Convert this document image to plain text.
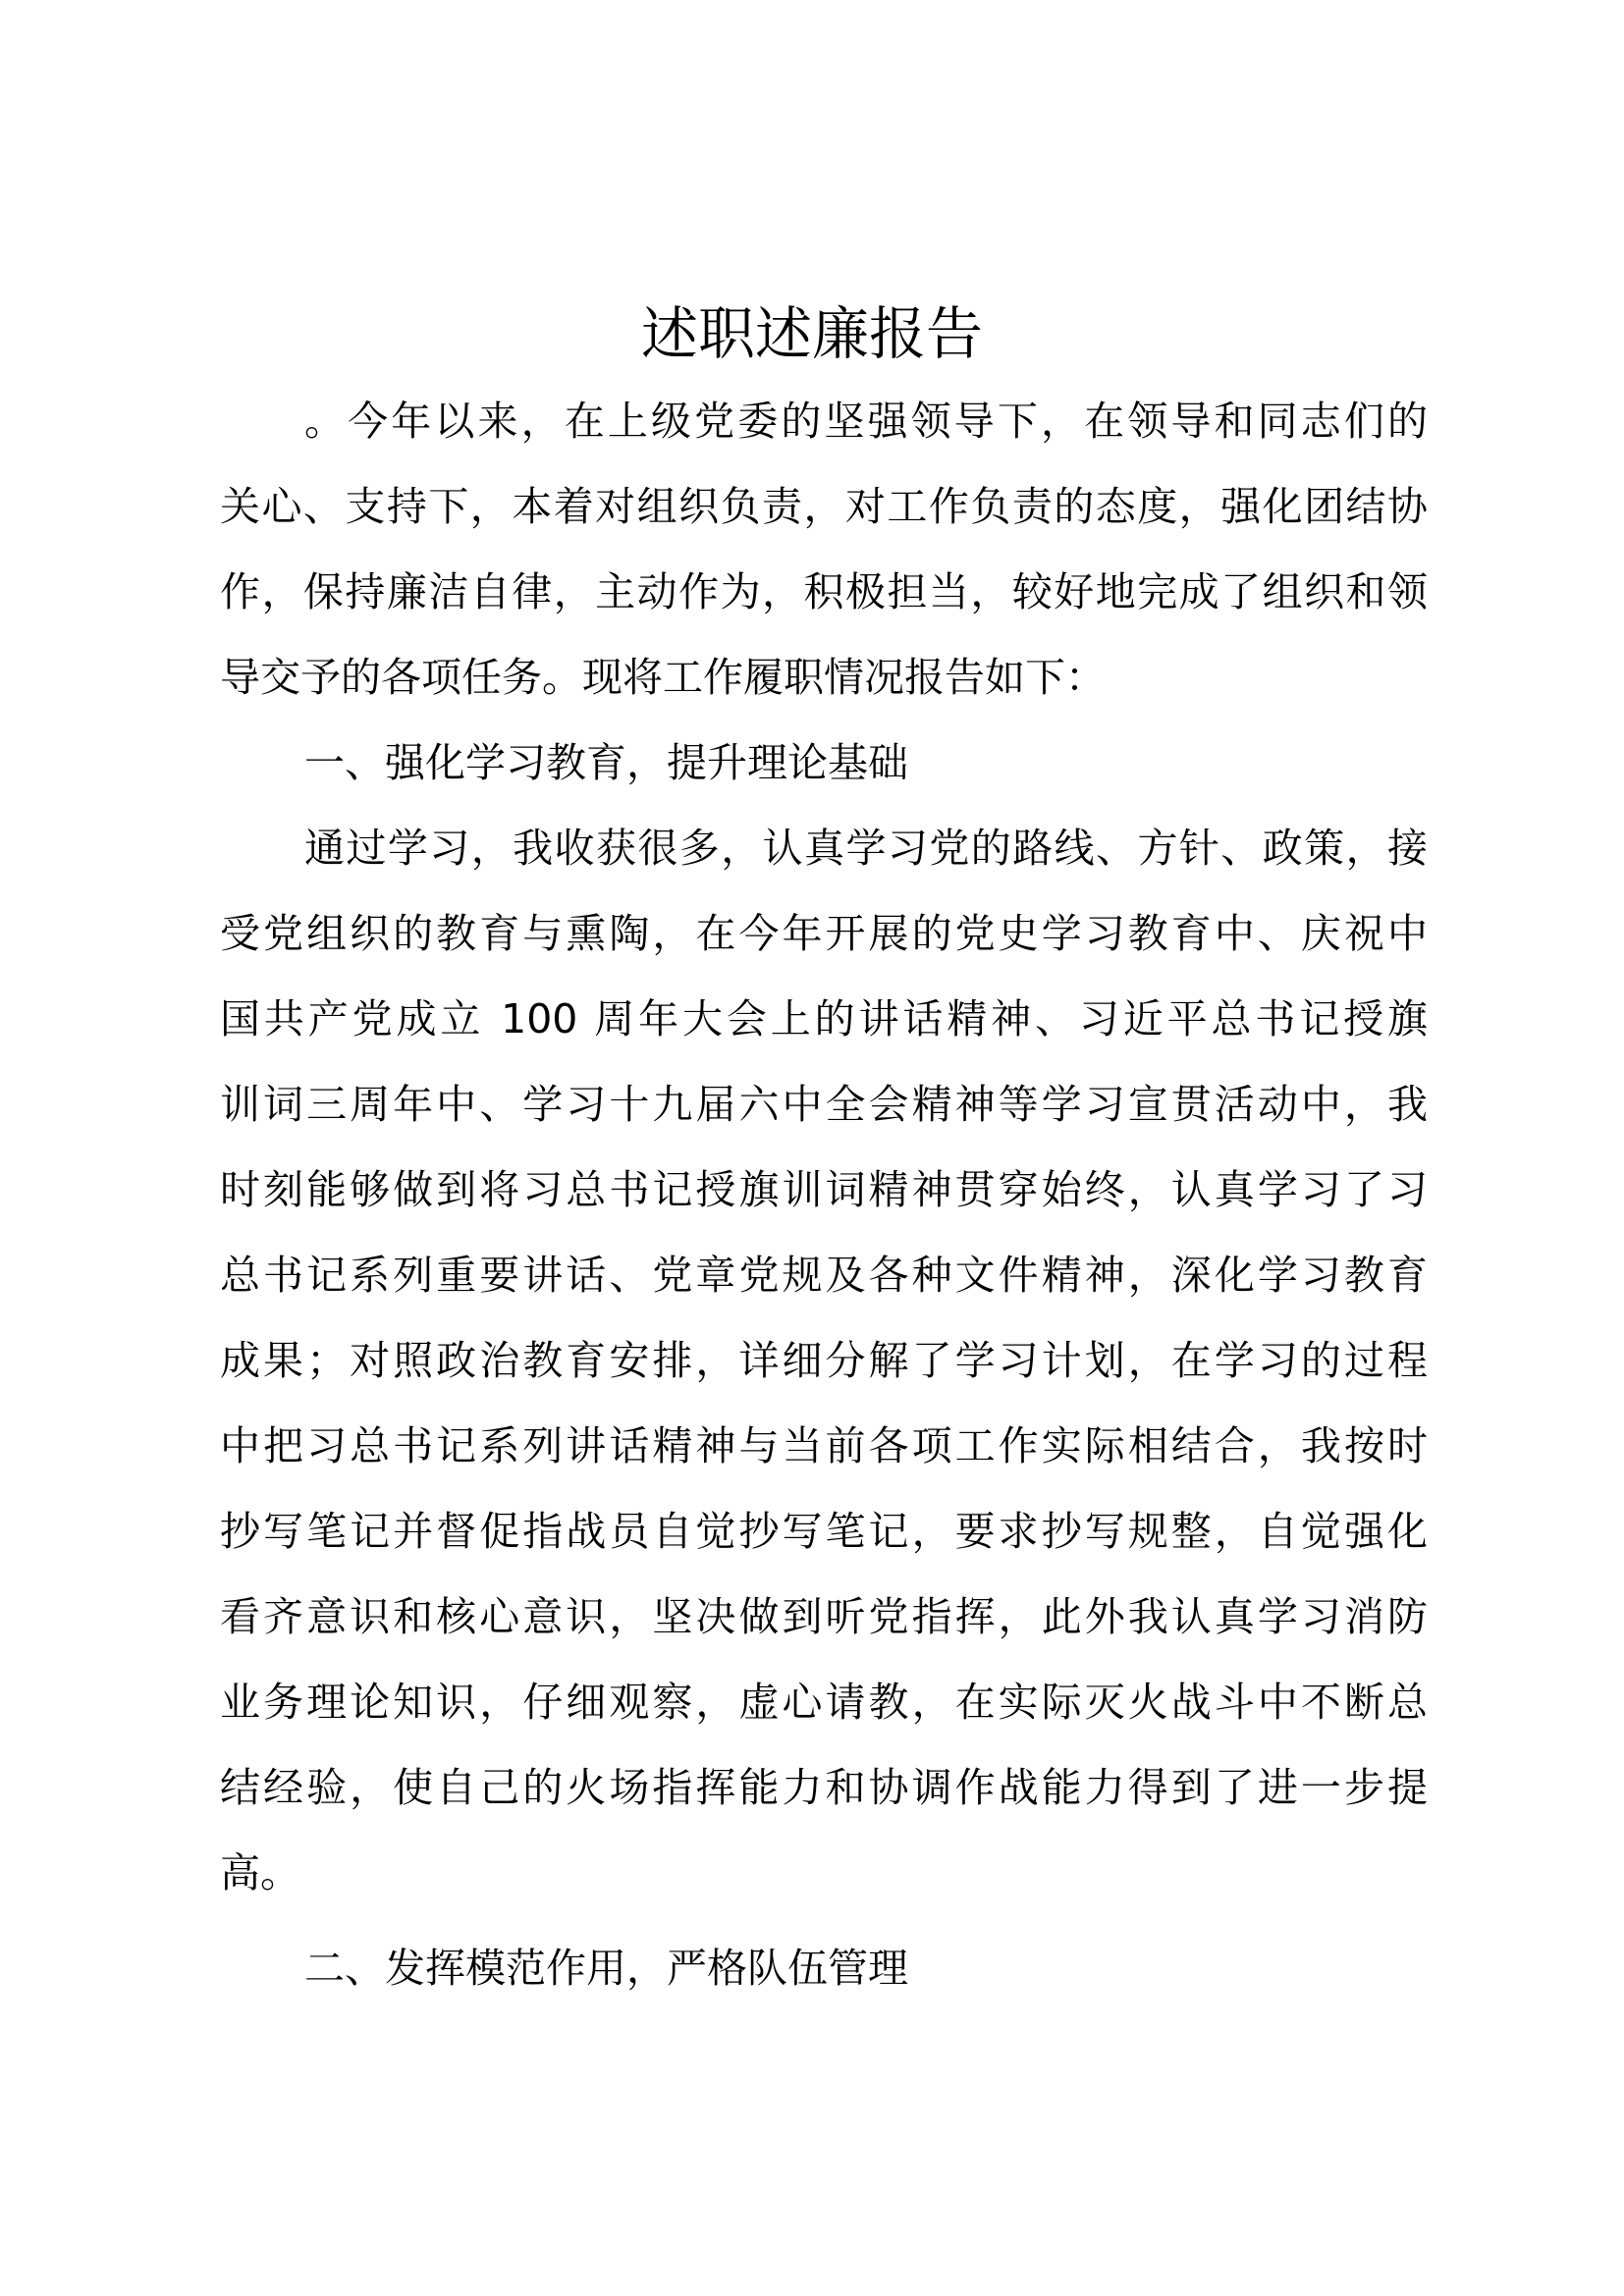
述职述廉报告
。今年以来，在上级党委的坚强领导下，在领导和同志们的
关心、支持下，本着对组织负责，对工作负责的态度，强化团结协
作，保持廉洁自律，主动作为，积极担当，较好地完成了组织和领
导交予的各项任务。现将工作履职情况报告如下：
一、强化学习教育，提升理论基础
通过学习，我收获很多，认真学习党的路线、方针、政策，接
受党组织的教育与熏陶，在今年开展的党史学习教育中、庆祝中
国共产党成立 100 周年大会上的讲话精神、习近平总书记授旗
训词三周年中、学习十九届六中全会精神等学习宣贯活动中，我
时刻能够做到将习总书记授旗训词精神贯穿始终，认真学习了习
总书记系列重要讲话、党章党规及各种文件精神，深化学习教育
成果；对照政治教育安排，详细分解了学习计划，在学习的过程
中把习总书记系列讲话精神与当前各项工作实际相结合，我按时
抄写笔记并督促指战员自觉抄写笔记，要求抄写规整，自觉强化
看齐意识和核心意识，坚决做到听党指挥，此外我认真学习消防
业务理论知识，仔细观察，虚心请教，在实际灭火战斗中不断总
结经验，使自己的火场指挥能力和协调作战能力得到了进一步提
高。
二、发挥模范作用，严格队伍管理
